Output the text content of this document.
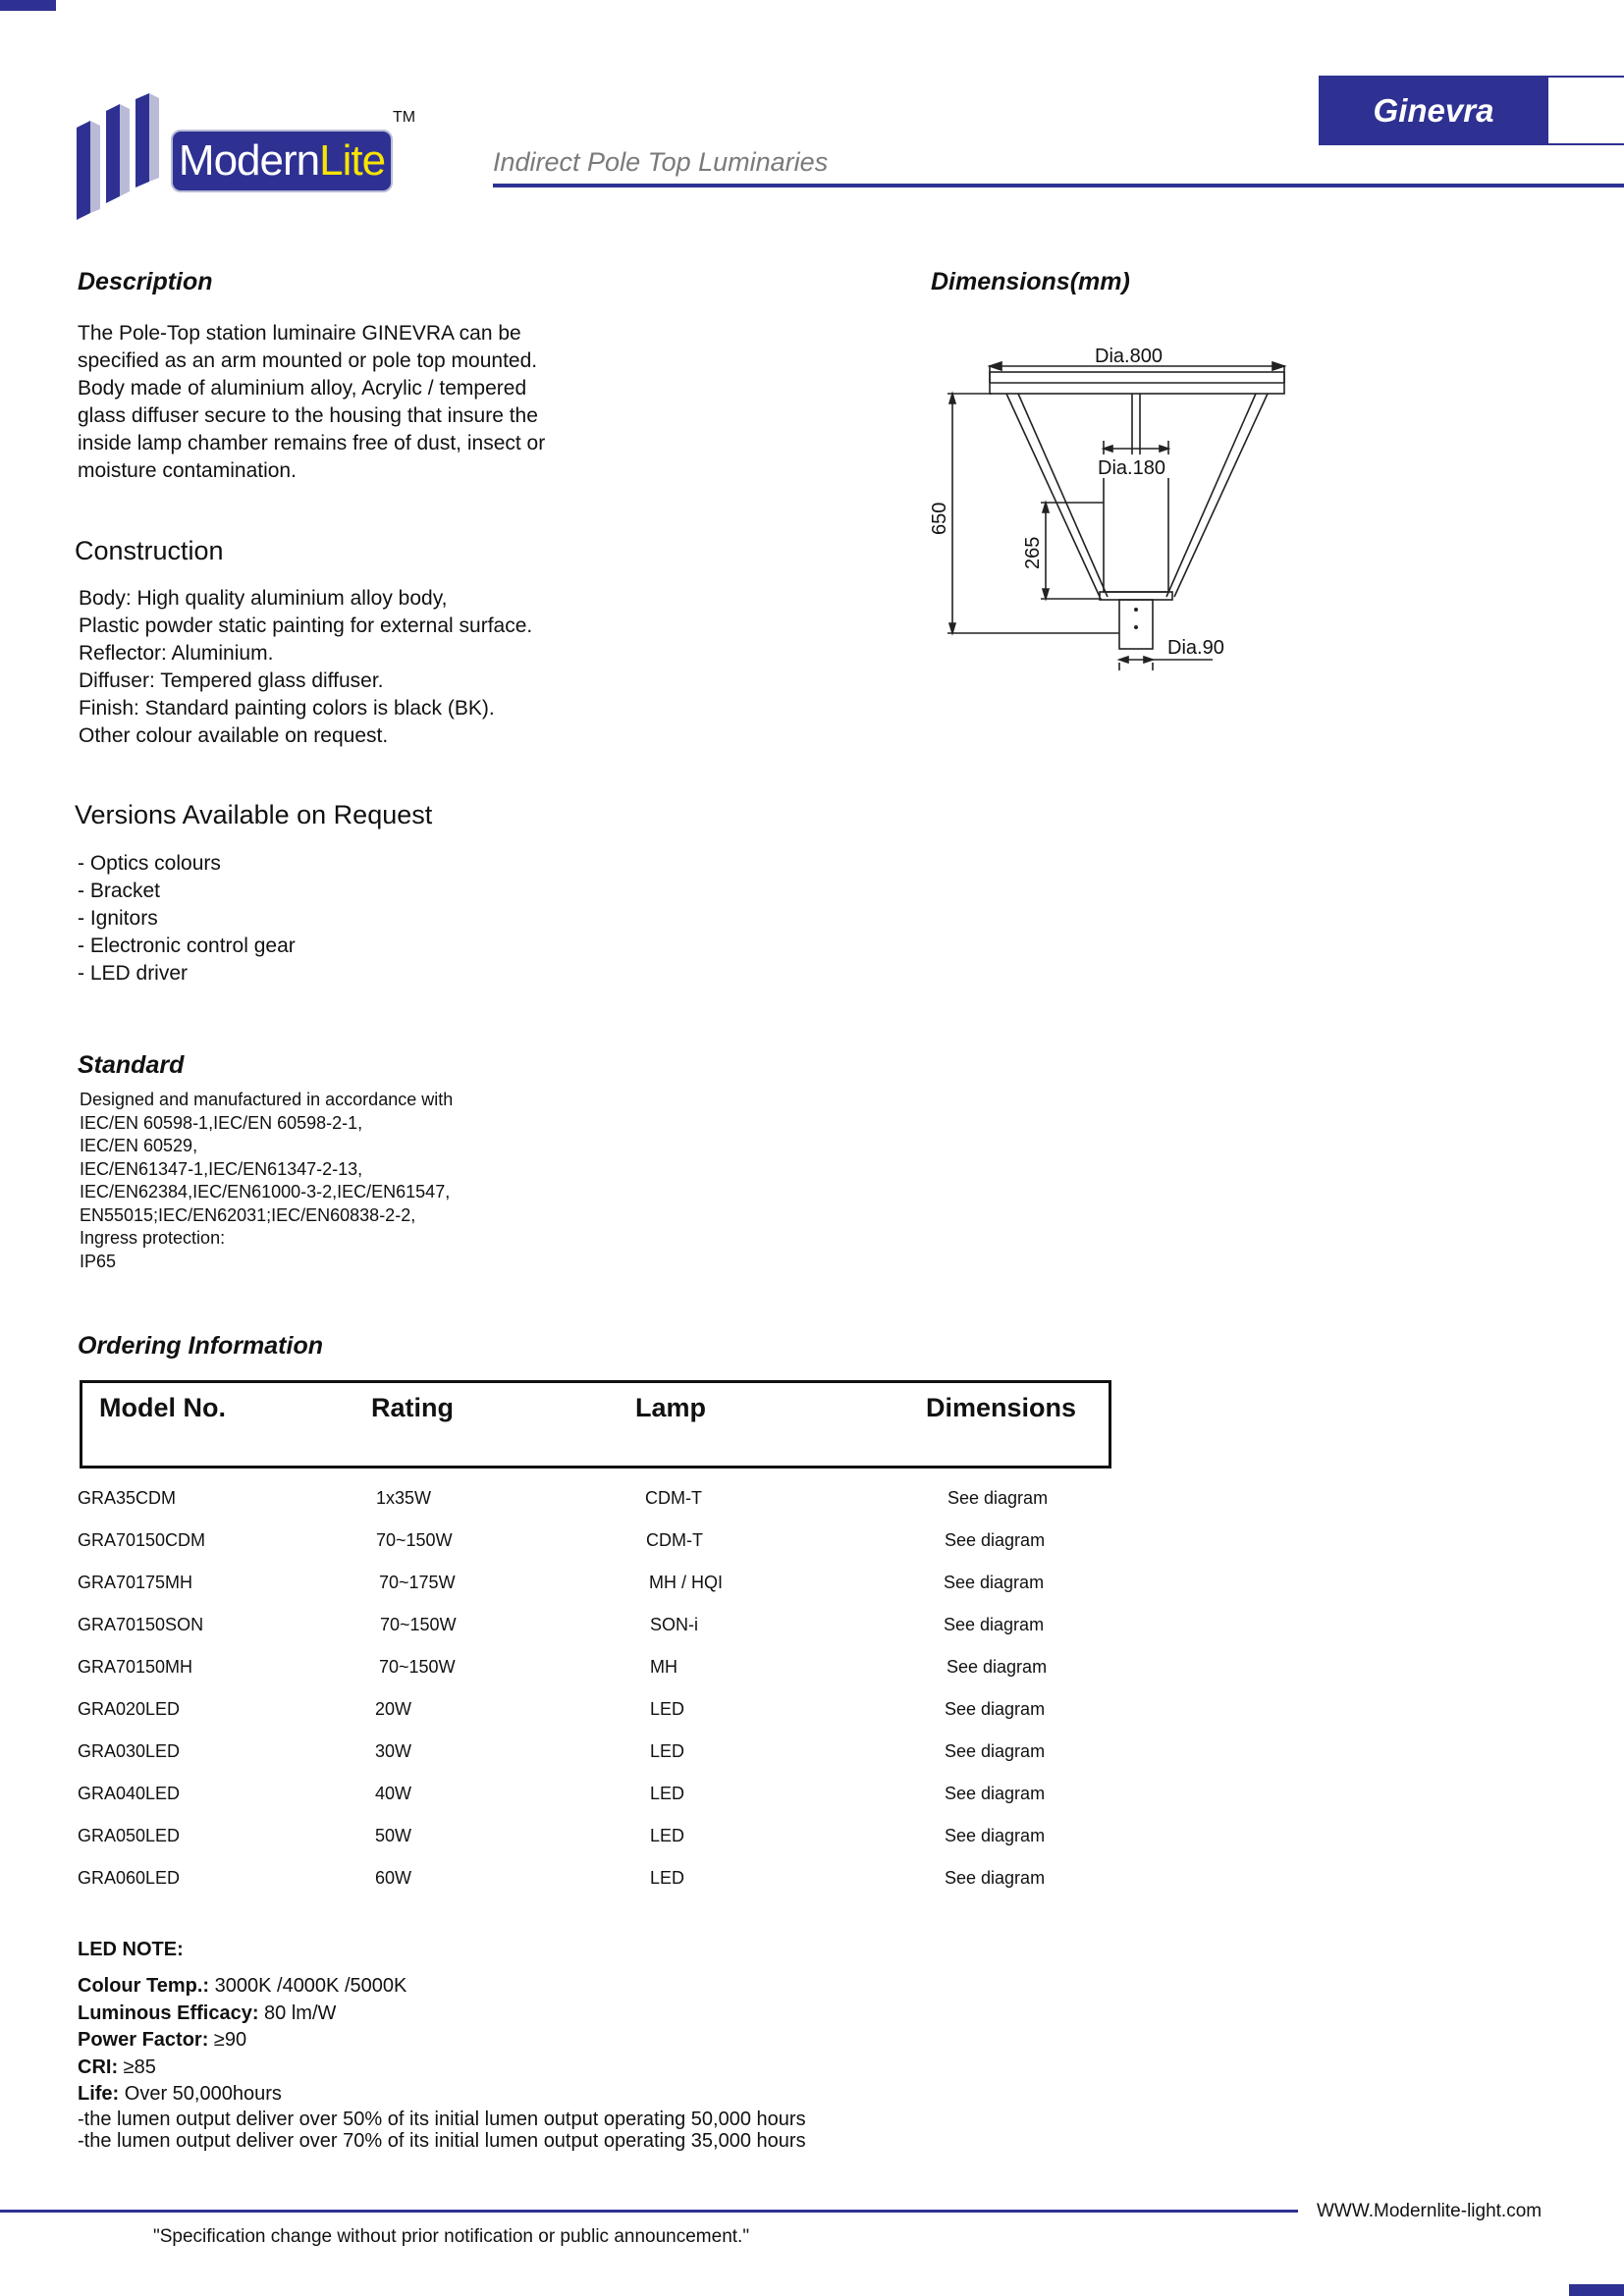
ModernLite
TM
Indirect Pole Top Luminaries
Ginevra
Description
The Pole-Top station luminaire GINEVRA can be
specified as an arm mounted or pole top mounted.
Body made of aluminium alloy, Acrylic / tempered
glass diffuser secure to the housing that insure the
inside lamp chamber remains free of dust, insect or
moisture contamination.
Construction
Body: High quality aluminium alloy body,
Plastic powder static painting for external surface.
Reflector: Aluminium.
Diffuser: Tempered glass diffuser.
Finish: Standard painting colors is black (BK).
Other colour available on request.
Versions Available on Request
- Optics colours
- Bracket
- Ignitors
- Electronic control gear
- LED driver
Standard
Designed and manufactured in accordance with
IEC/EN 60598-1,IEC/EN 60598-2-1,
IEC/EN 60529,
IEC/EN61347-1,IEC/EN61347-2-13,
IEC/EN62384,IEC/EN61000-3-2,IEC/EN61547,
EN55015;IEC/EN62031;IEC/EN60838-2-2,
Ingress protection:
IP65
Dimensions(mm)
Dia.800
Dia.180
Dia.90
650
265
Ordering Information
Model No.	Rating	Lamp	Dimensions
GRA35CDM	1x35W	CDM-T	See diagram
GRA70150CDM	70~150W	CDM-T	See diagram
GRA70175MH	70~175W	MH / HQI	See diagram
GRA70150SON	70~150W	SON-i	See diagram
GRA70150MH	70~150W	MH	See diagram
GRA020LED	20W	LED	See diagram
GRA030LED	30W	LED	See diagram
GRA040LED	40W	LED	See diagram
GRA050LED	50W	LED	See diagram
GRA060LED	60W	LED	See diagram
LED NOTE:
Colour Temp.: 3000K /4000K /5000K
Luminous Efficacy: 80 lm/W
Power Factor: ≥90
CRI: ≥85
Life: Over 50,000hours
-the lumen output deliver over 50% of its initial lumen output operating 50,000 hours
-the lumen output deliver over 70% of its initial lumen output operating 35,000 hours
WWW.Modernlite-light.com
"Specification change without prior notification or public announcement."
